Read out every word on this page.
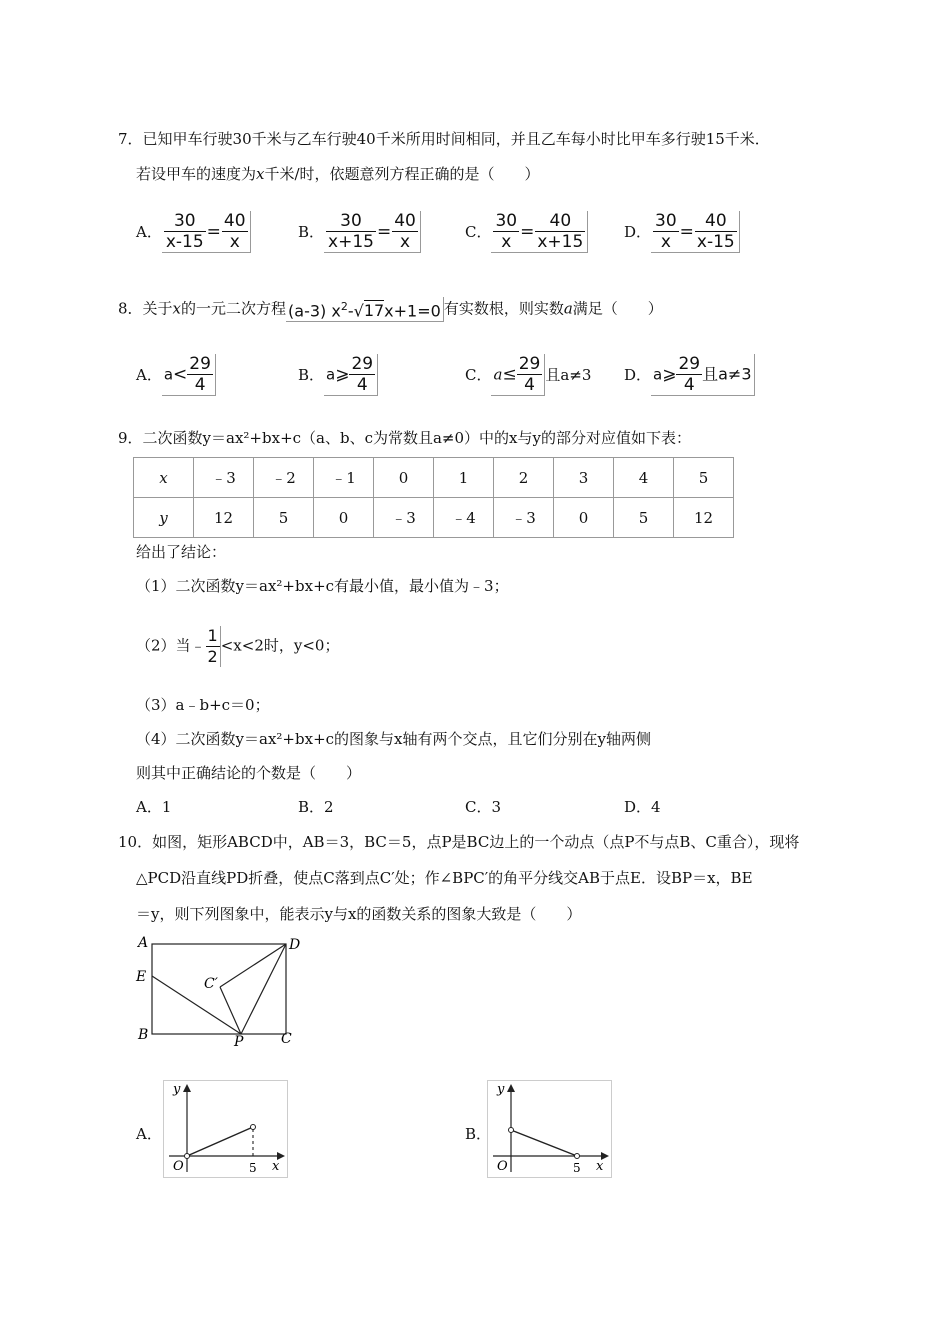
7．已知甲车行驶30千米与乙车行驶40千米所用时间相同，并且乙车每小时比甲车多行驶15千米．
若设甲车的速度为x千米/时，依题意列方程正确的是（　　）
A． $\frac{30}{x-15} = \frac{40}{x}$	B． $\frac{30}{x+15} = \frac{40}{x}$	C． $\frac{30}{x} = \frac{40}{x+15}$	D． $\frac{30}{x} = \frac{40}{x-15}$
8．关于x的一元二次方程 (a-3) $x^2-√17x+1=0$ 有实数根，则实数a满足（　　）
A． $a< \frac{29}{4}$	B． a⩾ $\frac{29}{4}$	C． $a\le \frac{29}{4}$ 且a≠3 D． a⩾ $\frac{29}{4}$ 且a≠3
9．二次函数y＝ax²+bx+c（a、b、c为常数且a≠0）中的x与y的部分对应值如下表：
x	﹣3	﹣2	﹣1	0	1	2	3	4	5
y	12	5	0	﹣3	﹣4	﹣3	0	5	12
给出了结论：
（1）二次函数y＝ax²+bx+c有最小值，最小值为﹣3；
（2）当﹣ $\frac{1}{2} <x<2$时，y<0；
（3）a﹣b+c＝0；
（4）二次函数y＝ax²+bx+c的图象与x轴有两个交点，且它们分别在y轴两侧
则其中正确结论的个数是（　　）
A．1	B．2	C．3	D．4
10．如图，矩形ABCD中，AB＝3，BC＝5，点P是BC边上的一个动点（点P不与点B、C重合），现将
△PCD沿直线PD折叠，使点C落到点C′处；作∠BPC′的角平分线交AB于点E．设BP＝x，BE
＝y，则下列图象中，能表示y与x的函数关系的图象大致是（　　）
A
E
B
D
C
P
C′
A．
y
O	5 x
B．
y
O	5 x
